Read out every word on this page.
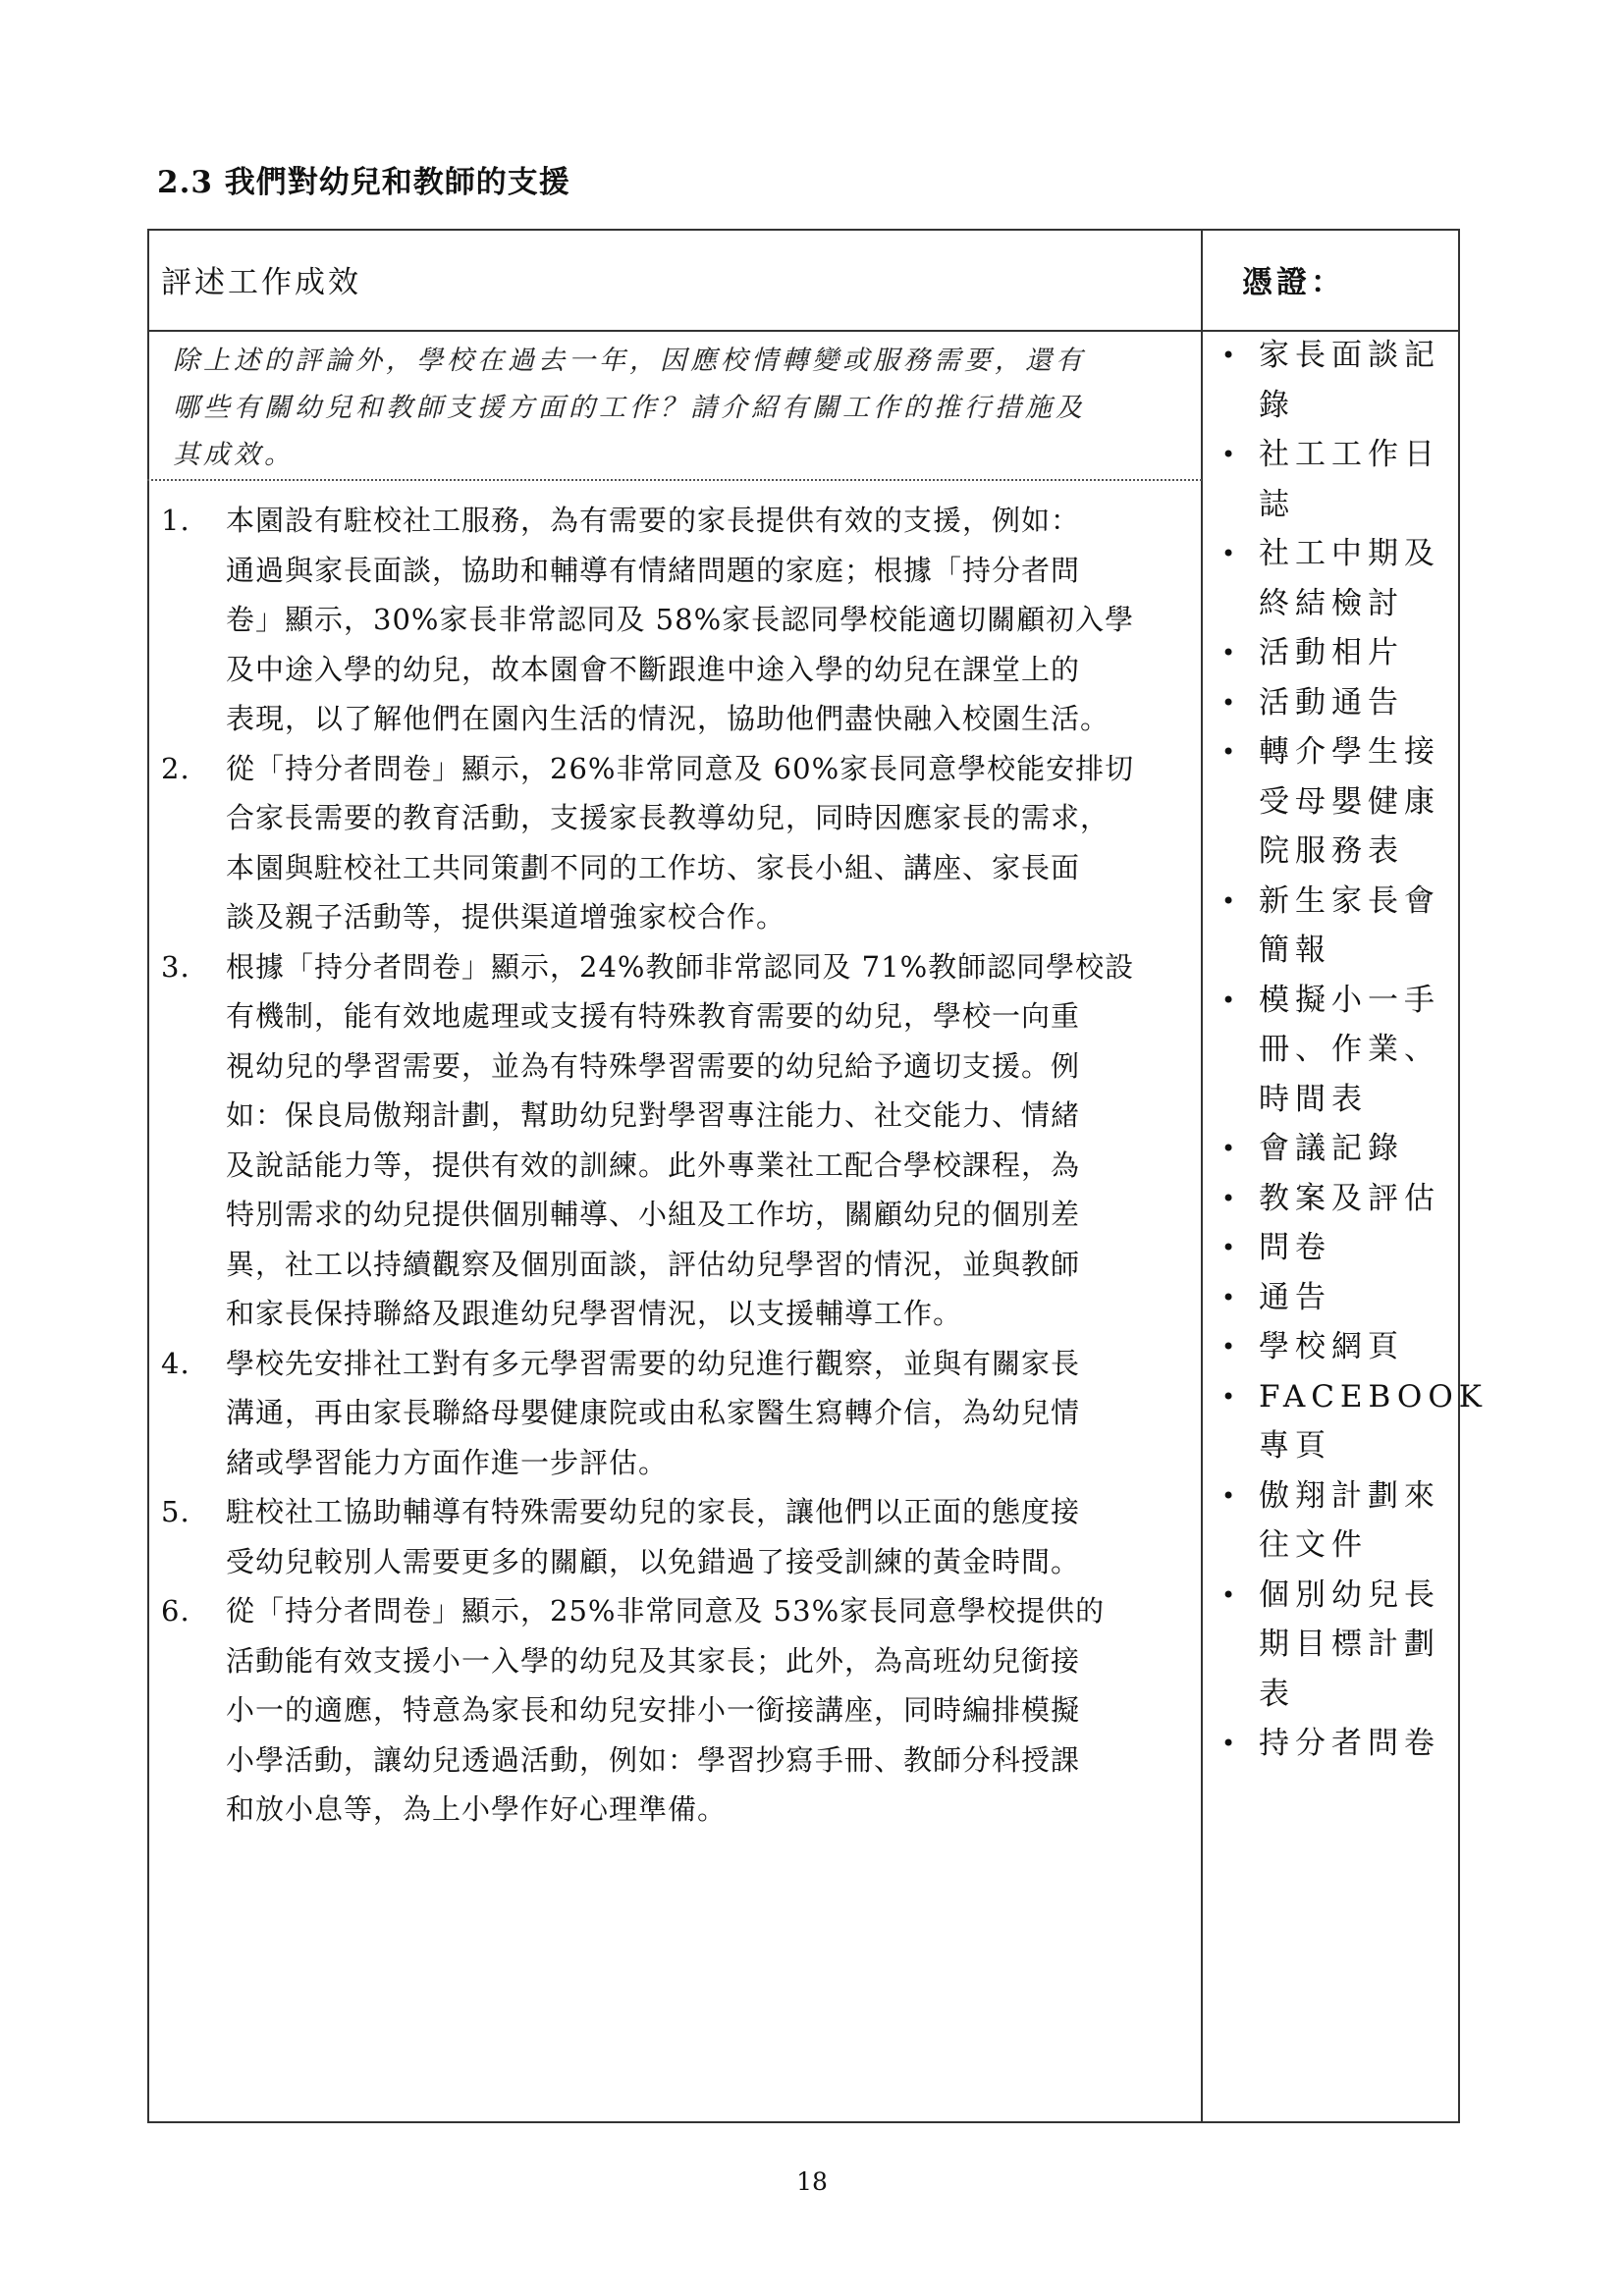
2.3 我們對幼兒和教師的支援
評述工作成效	憑證：
除上述的評論外，學校在過去一年，因應校情轉變或服務需要，還有
哪些有關幼兒和教師支援方面的工作？請介紹有關工作的推行措施及
其成效。
1. 本園設有駐校社工服務，為有需要的家長提供有效的支援，例如：
通過與家長面談，協助和輔導有情緒問題的家庭；根據「持分者問
卷」顯示，30%家長非常認同及 58%家長認同學校能適切關顧初入學
及中途入學的幼兒，故本園會不斷跟進中途入學的幼兒在課堂上的
表現，以了解他們在園內生活的情況，協助他們盡快融入校園生活。
2. 從「持分者問卷」顯示，26%非常同意及 60%家長同意學校能安排切
合家長需要的教育活動，支援家長教導幼兒，同時因應家長的需求，
本園與駐校社工共同策劃不同的工作坊、家長小組、講座、家長面
談及親子活動等，提供渠道增強家校合作。
3. 根據「持分者問卷」顯示，24%教師非常認同及 71%教師認同學校設
有機制，能有效地處理或支援有特殊教育需要的幼兒，學校一向重
視幼兒的學習需要，並為有特殊學習需要的幼兒給予適切支援。例
如：保良局傲翔計劃，幫助幼兒對學習專注能力、社交能力、情緒
及說話能力等，提供有效的訓練。此外專業社工配合學校課程，為
特別需求的幼兒提供個別輔導、小組及工作坊，關顧幼兒的個別差
異，社工以持續觀察及個別面談，評估幼兒學習的情況，並與教師
和家長保持聯絡及跟進幼兒學習情況，以支援輔導工作。
4. 學校先安排社工對有多元學習需要的幼兒進行觀察，並與有關家長
溝通，再由家長聯絡母嬰健康院或由私家醫生寫轉介信，為幼兒情
緒或學習能力方面作進一步評估。
5. 駐校社工協助輔導有特殊需要幼兒的家長，讓他們以正面的態度接
受幼兒較別人需要更多的關顧，以免錯過了接受訓練的黃金時間。
6. 從「持分者問卷」顯示，25%非常同意及 53%家長同意學校提供的
活動能有效支援小一入學的幼兒及其家長；此外，為高班幼兒銜接
小一的適應，特意為家長和幼兒安排小一銜接講座，同時編排模擬
小學活動，讓幼兒透過活動，例如：學習抄寫手冊、教師分科授課
和放小息等，為上小學作好心理準備。
• 家長面談記
錄
• 社工工作日
誌
• 社工中期及
終結檢討
• 活動相片
• 活動通告
• 轉介學生接
受母嬰健康
院服務表
• 新生家長會
簡報
• 模擬小一手
冊、作業、
時間表
• 會議記錄
• 教案及評估
• 問卷
• 通告
• 學校網頁
• FACEBOOK
專頁
• 傲翔計劃來
往文件
• 個別幼兒長
期目標計劃
表
• 持分者問卷
18
